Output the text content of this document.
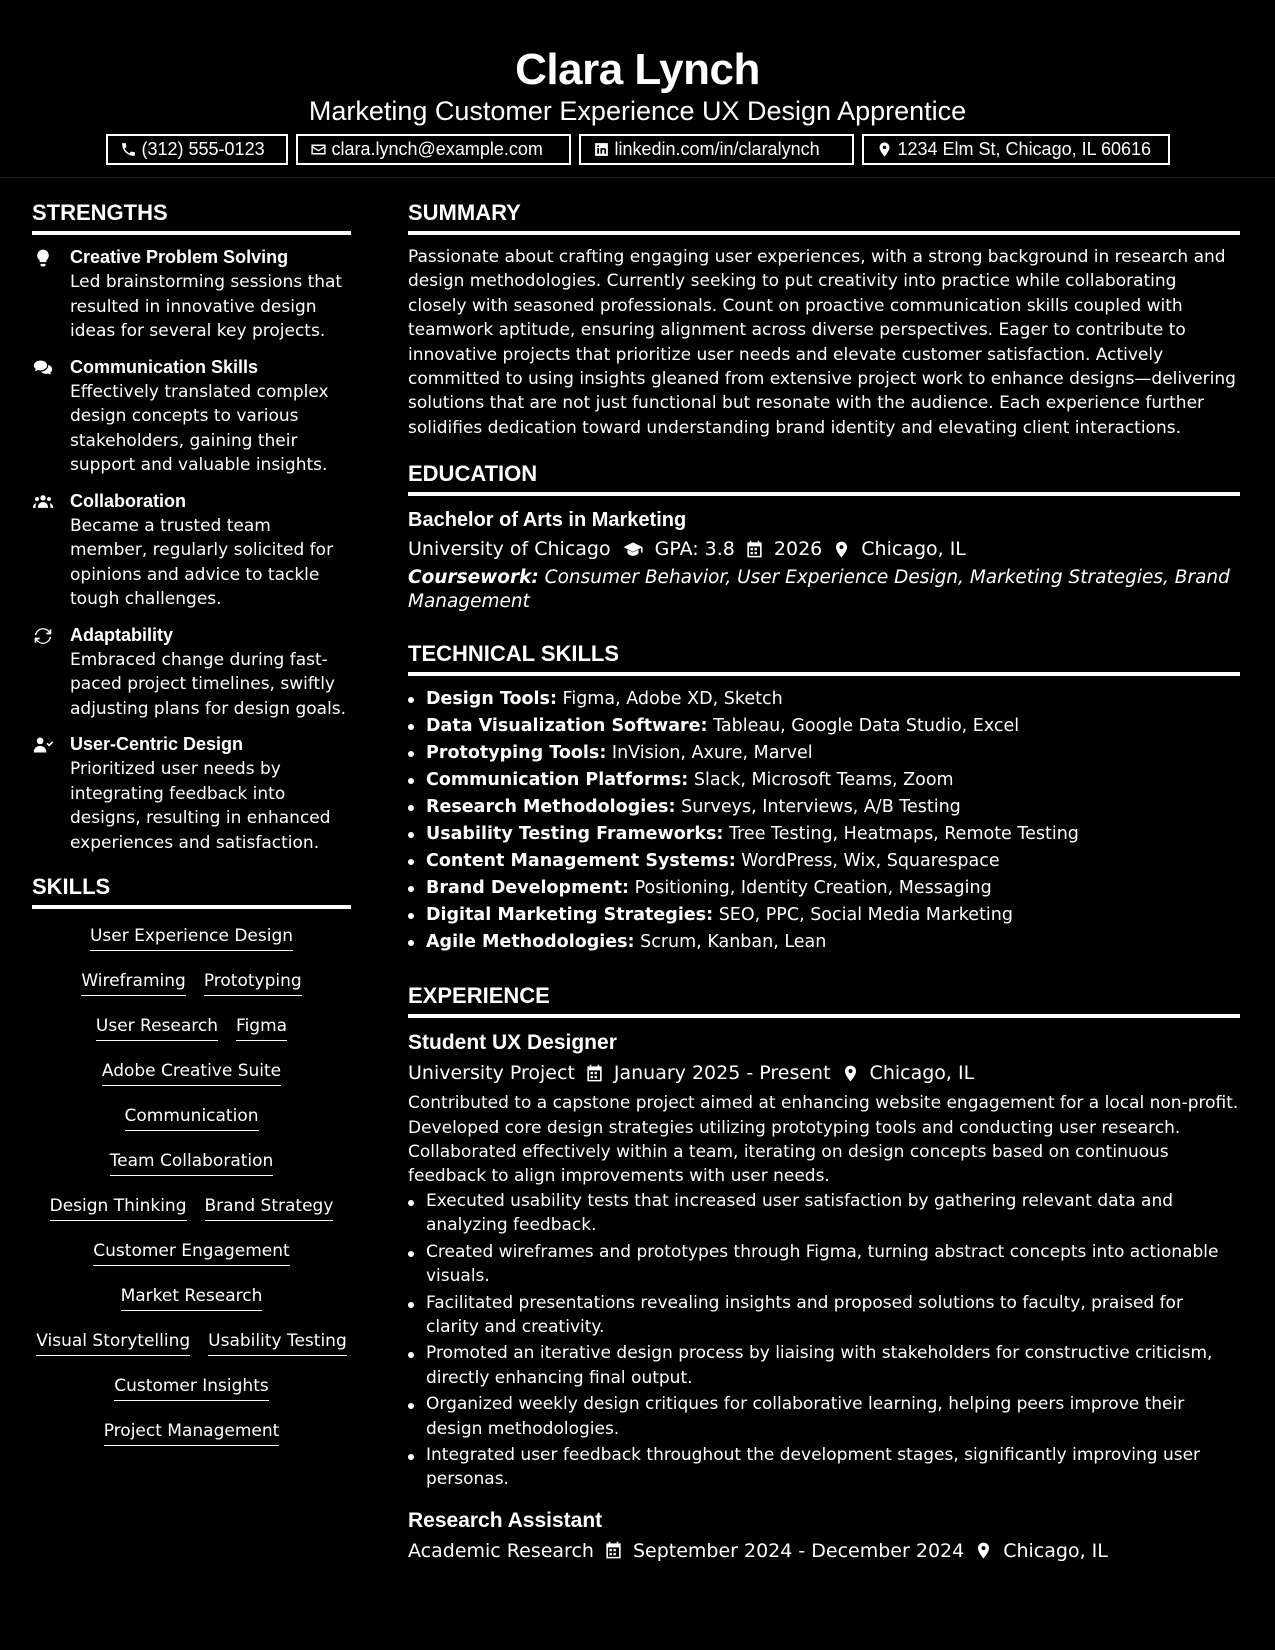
Clara Lynch
Marketing Customer Experience UX Design Apprentice
(312) 555-0123	clara.lynch@example.com	linkedin.com/in/claralynch	1234 Elm St, Chicago, IL 60616
STRENGTHS
Creative Problem Solving
Led brainstorming sessions that resulted in innovative design ideas for several key projects.
Communication Skills
Effectively translated complex design concepts to various stakeholders, gaining their support and valuable insights.
Collaboration
Became a trusted team member, regularly solicited for opinions and advice to tackle tough challenges.
Adaptability
Embraced change during fast-paced project timelines, swiftly adjusting plans for design goals.
User-Centric Design
Prioritized user needs by integrating feedback into designs, resulting in enhanced experiences and satisfaction.
SKILLS
User Experience Design
Wireframing Prototyping
User Research Figma
Adobe Creative Suite
Communication
Team Collaboration
Design Thinking Brand Strategy
Customer Engagement
Market Research
Visual Storytelling Usability Testing
Customer Insights
Project Management
SUMMARY

Passionate about crafting engaging user experiences, with a strong background in research and design methodologies. Currently seeking to put creativity into practice while collaborating closely with seasoned professionals. Count on proactive communication skills coupled with teamwork aptitude, ensuring alignment across diverse perspectives. Eager to contribute to innovative projects that prioritize user needs and elevate customer satisfaction. Actively committed to using insights gleaned from extensive project work to enhance designs—delivering solutions that are not just functional but resonate with the audience. Each experience further solidifies dedication toward understanding brand identity and elevating client interactions.

EDUCATION
Bachelor of Arts in Marketing
University of Chicago GPA: 3.8 2026 Chicago, IL
Coursework: Consumer Behavior, User Experience Design, Marketing Strategies, Brand Management
TECHNICAL SKILLS
Design Tools: Figma, Adobe XD, Sketch
Data Visualization Software: Tableau, Google Data Studio, Excel
Prototyping Tools: InVision, Axure, Marvel
Communication Platforms: Slack, Microsoft Teams, Zoom
Research Methodologies: Surveys, Interviews, A/B Testing
Usability Testing Frameworks: Tree Testing, Heatmaps, Remote Testing
Content Management Systems: WordPress, Wix, Squarespace
Brand Development: Positioning, Identity Creation, Messaging
Digital Marketing Strategies: SEO, PPC, Social Media Marketing
Agile Methodologies: Scrum, Kanban, Lean
EXPERIENCE
Student UX Designer
University Project January 2025 - Present Chicago, IL

Contributed to a capstone project aimed at enhancing website engagement for a local non-profit. Developed core design strategies utilizing prototyping tools and conducting user research. Collaborated effectively within a team, iterating on design concepts based on continuous feedback to align improvements with user needs.

Executed usability tests that increased user satisfaction by gathering relevant data and analyzing feedback.
Created wireframes and prototypes through Figma, turning abstract concepts into actionable visuals.
Facilitated presentations revealing insights and proposed solutions to faculty, praised for clarity and creativity.
Promoted an iterative design process by liaising with stakeholders for constructive criticism, directly enhancing final output.
Organized weekly design critiques for collaborative learning, helping peers improve their design methodologies.
Integrated user feedback throughout the development stages, significantly improving user personas.
Research Assistant
Academic Research September 2024 - December 2024 Chicago, IL
